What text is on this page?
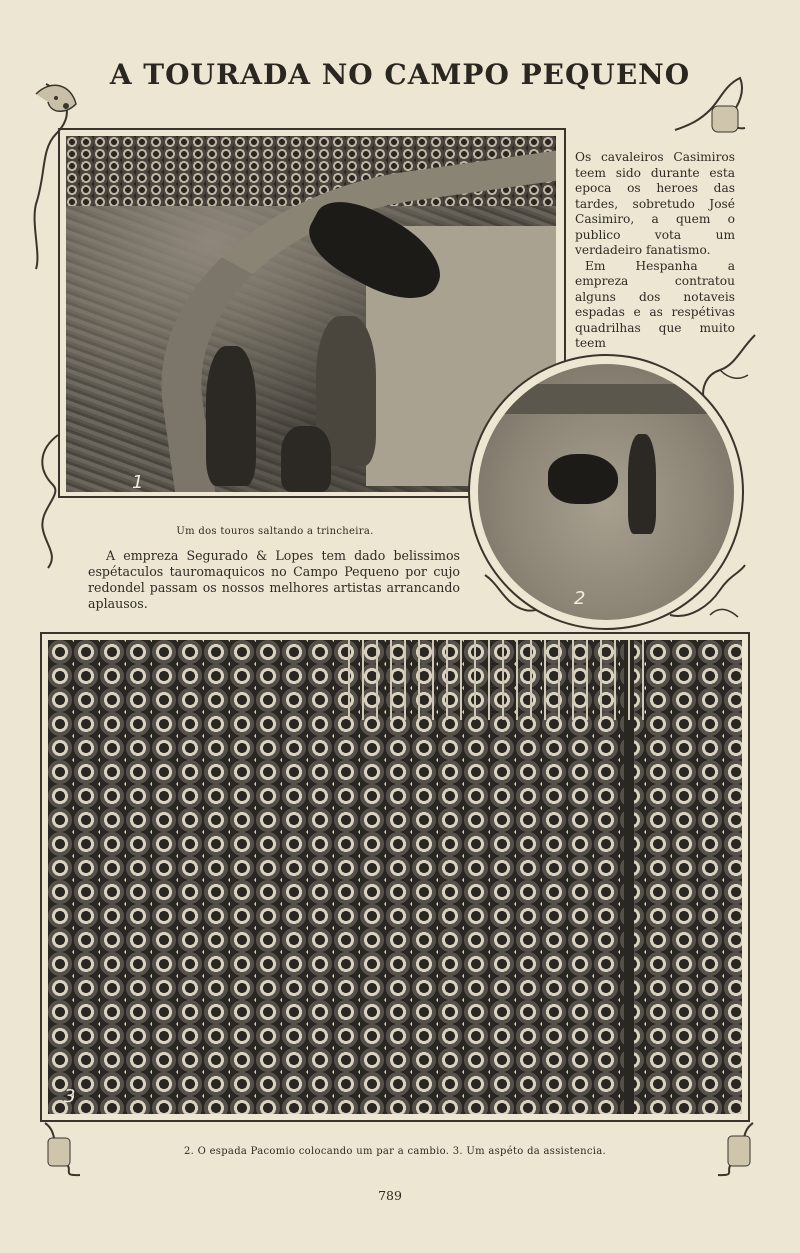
A TOURADA NO CAMPO PEQUENO
1

Os cavaleiros Casimiros teem sido durante esta epoca os heroes das tardes, sobretudo José Casimiro, a quem o publico vota um verdadeiro fanatismo.

Em Hespanha a empreza contratou alguns dos notaveis espadas e as respétivas quadrilhas que muito teem

2
Um dos touros saltando a trincheira.
A empreza Segurado & Lopes tem dado belissimos espétaculos tauromaquicos no Campo Pequeno por cujo redondel passam os nossos melhores artistas arrancando aplausos.
3
2. O espada Pacomio colocando um par a cambio. 3. Um aspéto da assistencia.
789
